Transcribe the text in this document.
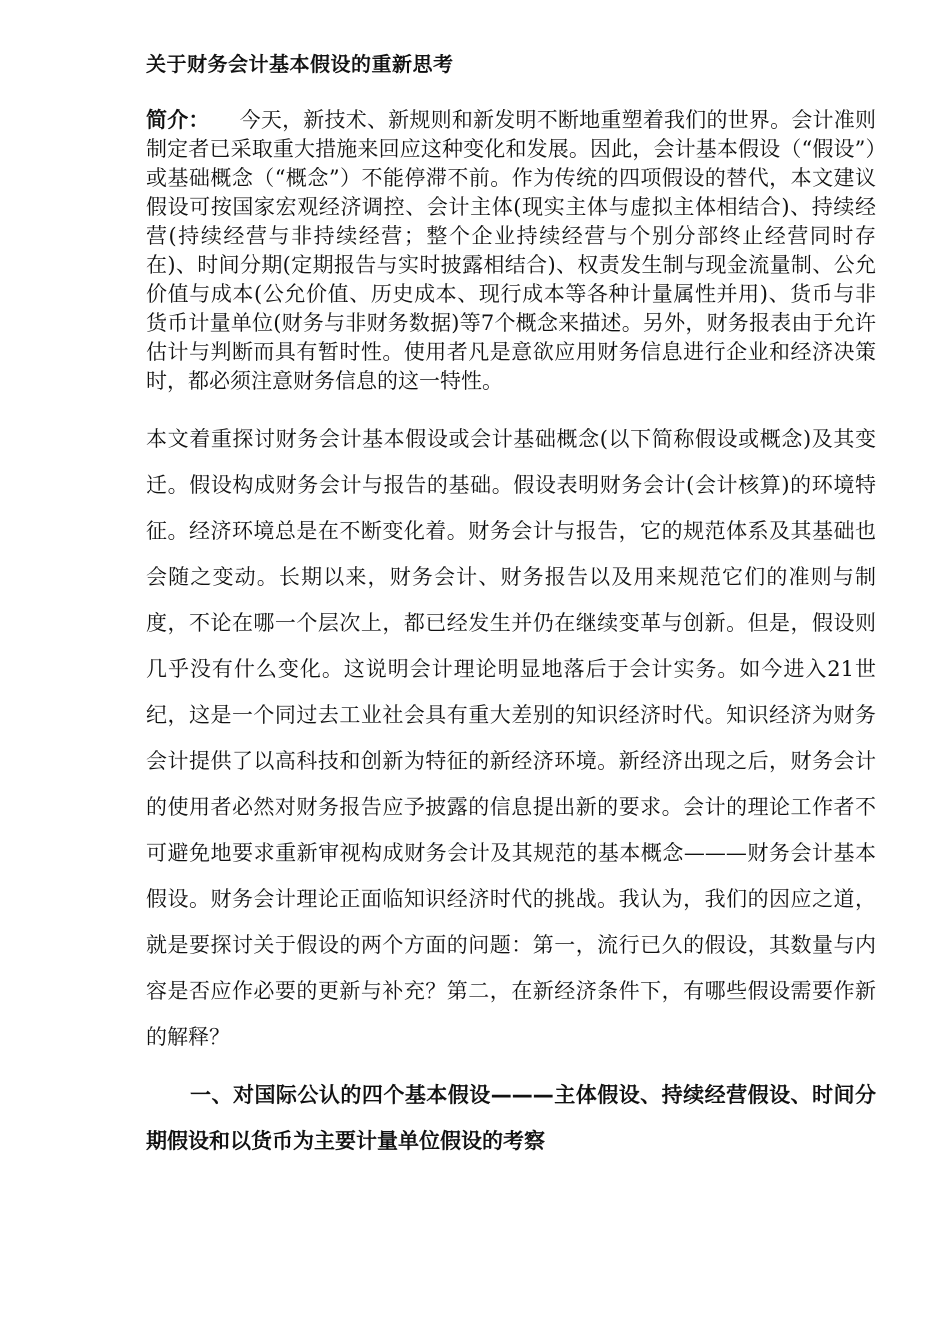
关于财务会计基本假设的重新思考

简介： 今天，新技术、新规则和新发明不断地重塑着我们的世界。会计准则制定者已采取重大措施来回应这种变化和发展。因此，会计基本假设（“假设”）或基础概念（“概念”）不能停滞不前。作为传统的四项假设的替代，本文建议假设可按国家宏观经济调控、会计主体(现实主体与虚拟主体相结合)、持续经营(持续经营与非持续经营；整个企业持续经营与个别分部终止经营同时存在)、时间分期(定期报告与实时披露相结合)、权责发生制与现金流量制、公允价值与成本(公允价值、历史成本、现行成本等各种计量属性并用)、货币与非货币计量单位(财务与非财务数据)等7个概念来描述。另外，财务报表由于允许估计与判断而具有暂时性。使用者凡是意欲应用财务信息进行企业和经济决策时，都必须注意财务信息的这一特性。

本文着重探讨财务会计基本假设或会计基础概念(以下简称假设或概念)及其变迁。假设构成财务会计与报告的基础。假设表明财务会计(会计核算)的环境特征。经济环境总是在不断变化着。财务会计与报告，它的规范体系及其基础也会随之变动。长期以来，财务会计、财务报告以及用来规范它们的准则与制度，不论在哪一个层次上，都已经发生并仍在继续变革与创新。但是，假设则几乎没有什么变化。这说明会计理论明显地落后于会计实务。如今进入21世纪，这是一个同过去工业社会具有重大差别的知识经济时代。知识经济为财务会计提供了以高科技和创新为特征的新经济环境。新经济出现之后，财务会计的使用者必然对财务报告应予披露的信息提出新的要求。会计的理论工作者不可避免地要求重新审视构成财务会计及其规范的基本概念———财务会计基本假设。财务会计理论正面临知识经济时代的挑战。我认为，我们的因应之道，就是要探讨关于假设的两个方面的问题：第一，流行已久的假设，其数量与内容是否应作必要的更新与补充？第二，在新经济条件下，有哪些假设需要作新的解释？

一、对国际公认的四个基本假设———主体假设、持续经营假设、时间分期假设和以货币为主要计量单位假设的考察
